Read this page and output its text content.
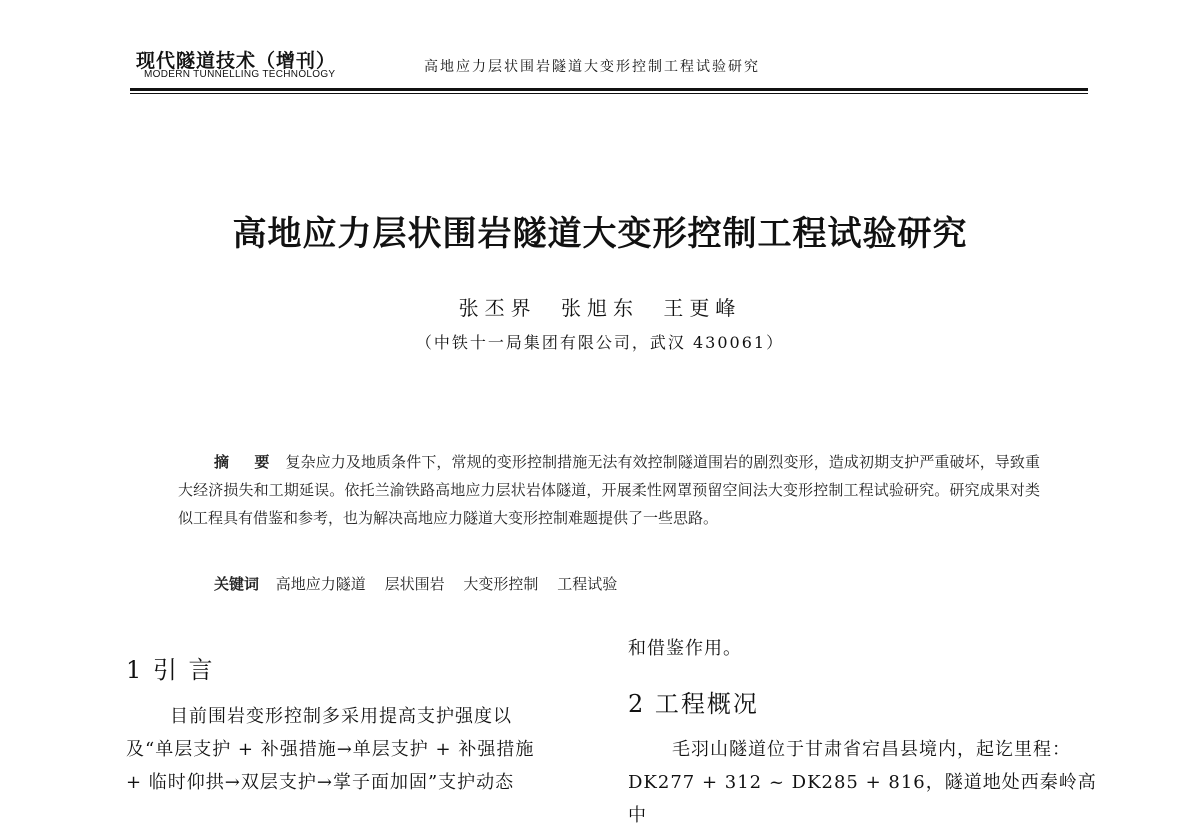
现代隧道技术（增刊）
MODERN TUNNELLING TECHNOLOGY	高地应力层状围岩隧道大变形控制工程试验研究
高地应力层状围岩隧道大变形控制工程试验研究
张丕界 张旭东 王更峰
（中铁十一局集团有限公司，武汉 430061）
摘 要 复杂应力及地质条件下，常规的变形控制措施无法有效控制隧道围岩的剧烈变形，造成初期支护严重破坏，导致重大经济损失和工期延误。依托兰渝铁路高地应力层状岩体隧道，开展柔性网罩预留空间法大变形控制工程试验研究。研究成果对类似工程具有借鉴和参考，也为解决高地应力隧道大变形控制难题提供了一些思路。
关键词 高地应力隧道 层状围岩 大变形控制 工程试验
1 引 言
目前围岩变形控制多采用提高支护强度以
及“单层支护 + 补强措施→单层支护 + 补强措施
+ 临时仰拱→双层支护→掌子面加固”支护动态
和借鉴作用。
2 工程概况
毛羽山隧道位于甘肃省宕昌县境内，起讫里程：
DK277 + 312 ~ DK285 + 816，隧道地处西秦岭高中
